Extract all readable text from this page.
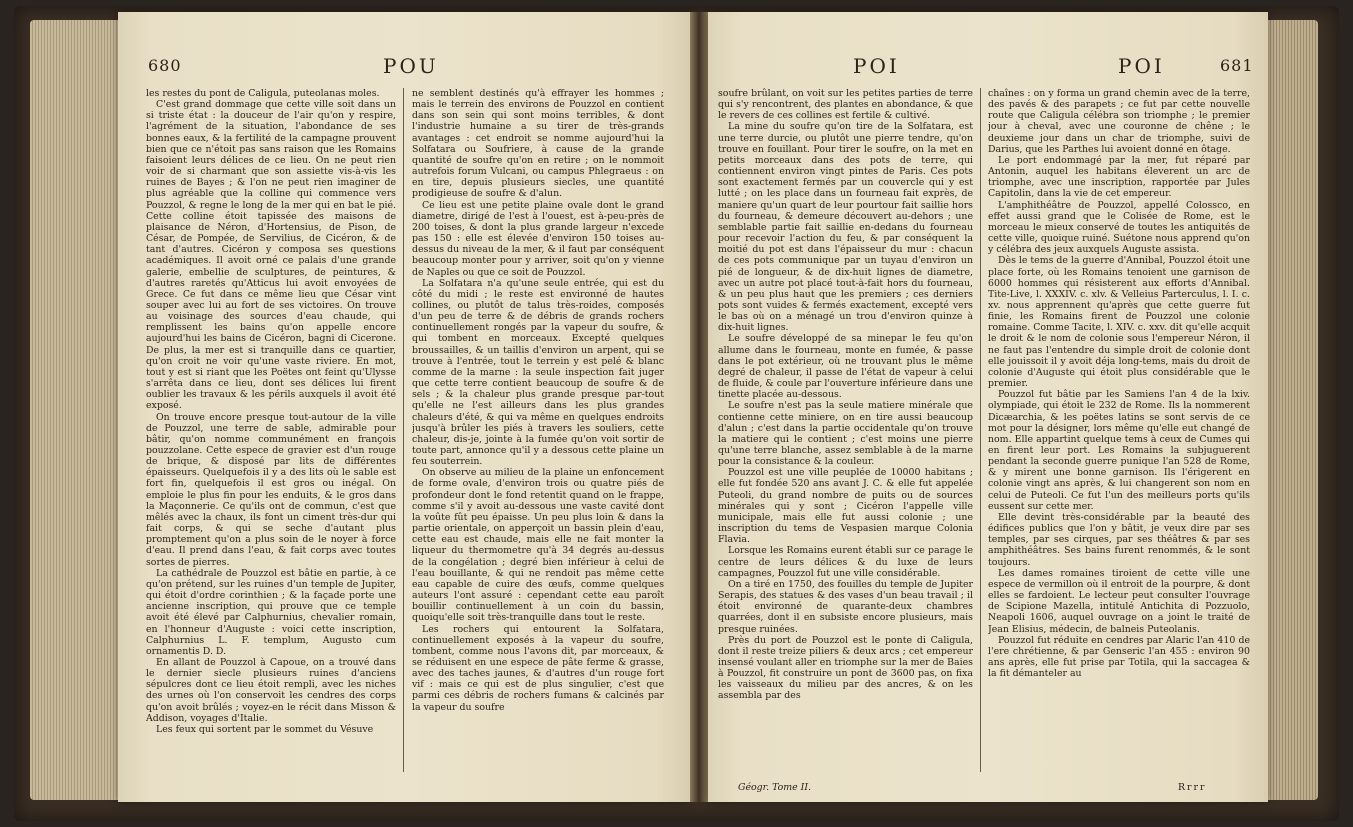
680	POU

les restes du pont de Caligula, puteolanas moles.

C'est grand dommage que cette ville soit dans un si triste état : la douceur de l'air qu'on y respire, l'agrément de la situation, l'abondance de ses bonnes eaux, & la fertilité de la campagne prouvent bien que ce n'étoit pas sans raison que les Romains faisoient leurs délices de ce lieu. On ne peut rien voir de si charmant que son assiette vis-à-vis les ruines de Bayes ; & l'on ne peut rien imaginer de plus agréable que la colline qui commence vers Pouzzol, & regne le long de la mer qui en bat le pié. Cette colline étoit tapissée des maisons de plaisance de Néron, d'Hortensius, de Pison, de César, de Pompée, de Servilius, de Cicéron, & de tant d'autres. Cicéron y composa ses questions académiques. Il avoit orné ce palais d'une grande galerie, embellie de sculptures, de peintures, & d'autres raretés qu'Atticus lui avoit envoyées de Grece. Ce fut dans ce même lieu que César vint souper avec lui au fort de ses victoires. On trouve au voisinage des sources d'eau chaude, qui remplissent les bains qu'on appelle encore aujourd'hui les bains de Cicéron, bagni di Cicerone. De plus, la mer est si tranquille dans ce quartier, qu'on croit ne voir qu'une vaste riviere. En mot, tout y est si riant que les Poëtes ont feint qu'Ulysse s'arrêta dans ce lieu, dont ses délices lui firent oublier les travaux & les périls auxquels il avoit été exposé.

On trouve encore presque tout-autour de la ville de Pouzzol, une terre de sable, admirable pour bâtir, qu'on nomme communément en françois pouzzolane. Cette espece de gravier est d'un rouge de brique, & disposé par lits de différentes épaisseurs. Quelquefois il y a des lits où le sable est fort fin, quelquefois il est gros ou inégal. On emploie le plus fin pour les enduits, & le gros dans la Maçonnerie. Ce qu'ils ont de commun, c'est que mêlés avec la chaux, ils font un ciment très-dur qui fait corps, & qui se seche d'autant plus promptement qu'on a plus soin de le noyer à force d'eau. Il prend dans l'eau, & fait corps avec toutes sortes de pierres.

La cathédrale de Pouzzol est bâtie en partie, à ce qu'on prétend, sur les ruines d'un temple de Jupiter, qui étoit d'ordre corinthien ; & la façade porte une ancienne inscription, qui prouve que ce temple avoit été élevé par Calphurnius, chevalier romain, en l'honneur d'Auguste : voici cette inscription, Calphurnius L. F. templum, Augusto cum ornamentis D. D.

En allant de Pouzzol à Capoue, on a trouvé dans le dernier siecle plusieurs ruines d'anciens sépulcres dont ce lieu étoit rempli, avec les niches des urnes où l'on conservoit les cendres des corps qu'on avoit brûlés ; voyez-en le récit dans Misson & Addison, voyages d'Italie.

Les feux qui sortent par le sommet du Vésuve

ne semblent destinés qu'à effrayer les hommes ; mais le terrein des environs de Pouzzol en contient dans son sein qui sont moins terribles, & dont l'industrie humaine a su tirer de très-grands avantages : cet endroit se nomme aujourd'hui la Solfatara ou Soufriere, à cause de la grande quantité de soufre qu'on en retire ; on le nommoit autrefois forum Vulcani, ou campus Phlegraeus : on en tire, depuis plusieurs siecles, une quantité prodigieuse de soufre & d'alun.

Ce lieu est une petite plaine ovale dont le grand diametre, dirigé de l'est à l'ouest, est à-peu-près de 200 toises, & dont la plus grande largeur n'excede pas 150 : elle est élevée d'environ 150 toises au-dessus du niveau de la mer, & il faut par conséquent beaucoup monter pour y arriver, soit qu'on y vienne de Naples ou que ce soit de Pouzzol.

La Solfatara n'a qu'une seule entrée, qui est du côté du midi ; le reste est environné de hautes collines, ou plutôt de talus très-roides, composés d'un peu de terre & de débris de grands rochers continuellement rongés par la vapeur du soufre, & qui tombent en morceaux. Excepté quelques broussailles, & un taillis d'environ un arpent, qui se trouve à l'entrée, tout le terrein y est pelé & blanc comme de la marne : la seule inspection fait juger que cette terre contient beaucoup de soufre & de sels ; & la chaleur plus grande presque par-tout qu'elle ne l'est ailleurs dans les plus grandes chaleurs d'été, & qui va même en quelques endroits jusqu'à brûler les piés à travers les souliers, cette chaleur, dis-je, jointe à la fumée qu'on voit sortir de toute part, annonce qu'il y a dessous cette plaine un feu souterrein.

On observe au milieu de la plaine un enfoncement de forme ovale, d'environ trois ou quatre piés de profondeur dont le fond retentit quand on le frappe, comme s'il y avoit au-dessous une vaste cavité dont la voûte fût peu épaisse. Un peu plus loin & dans la partie orientale, on apperçoit un bassin plein d'eau, cette eau est chaude, mais elle ne fait monter la liqueur du thermometre qu'à 34 degrés au-dessus de la congélation ; degré bien inférieur à celui de l'eau bouillante, & qui ne rendoit pas même cette eau capable de cuire des œufs, comme quelques auteurs l'ont assuré : cependant cette eau paroît bouillir continuellement à un coin du bassin, quoiqu'elle soit très-tranquille dans tout le reste.

Les rochers qui entourent la Solfatara, continuellement exposés à la vapeur du soufre, tombent, comme nous l'avons dit, par morceaux, & se réduisent en une espece de pâte ferme & grasse, avec des taches jaunes, & d'autres d'un rouge fort vif : mais ce qui est de plus singulier, c'est que parmi ces débris de rochers fumans & calcinés par la vapeur du soufre

POI	POI	681

soufre brûlant, on voit sur les petites parties de terre qui s'y rencontrent, des plantes en abondance, & que le revers de ces collines est fertile & cultivé.

La mine du soufre qu'on tire de la Solfatara, est une terre durcie, ou plutôt une pierre tendre, qu'on trouve en fouillant. Pour tirer le soufre, on la met en petits morceaux dans des pots de terre, qui contiennent environ vingt pintes de Paris. Ces pots sont exactement fermés par un couvercle qui y est lutté ; on les place dans un fourneau fait exprès, de maniere qu'un quart de leur pourtour fait saillie hors du fourneau, & demeure découvert au-dehors ; une semblable partie fait saillie en-dedans du fourneau pour recevoir l'action du feu, & par conséquent la moitié du pot est dans l'épaisseur du mur : chacun de ces pots communique par un tuyau d'environ un pié de longueur, & de dix-huit lignes de diametre, avec un autre pot placé tout-à-fait hors du fourneau, & un peu plus haut que les premiers ; ces derniers pots sont vuides & fermés exactement, excepté vers le bas où on a ménagé un trou d'environ quinze à dix-huit lignes.

Le soufre développé de sa minepar le feu qu'on allume dans le fourneau, monte en fumée, & passe dans le pot extérieur, où ne trouvant plus le même degré de chaleur, il passe de l'état de vapeur à celui de fluide, & coule par l'ouverture inférieure dans une tinette placée au-dessous.

Le soufre n'est pas la seule matiere minérale que contienne cette miniere, on en tire aussi beaucoup d'alun ; c'est dans la partie occidentale qu'on trouve la matiere qui le contient ; c'est moins une pierre qu'une terre blanche, assez semblable à de la marne pour la consistance & la couleur.

Pouzzol est une ville peuplée de 10000 habitans ; elle fut fondée 520 ans avant J. C. & elle fut appelée Puteoli, du grand nombre de puits ou de sources minérales qui y sont ; Cicéron l'appelle ville municipale, mais elle fut aussi colonie ; une inscription du tems de Vespasien marque Colonia Flavia.

Lorsque les Romains eurent établi sur ce parage le centre de leurs délices & du luxe de leurs campagnes, Pouzzol fut une ville considérable.

On a tiré en 1750, des fouilles du temple de Jupiter Serapis, des statues & des vases d'un beau travail ; il étoit environné de quarante-deux chambres quarrées, dont il en subsiste encore plusieurs, mais presque ruinées.

Près du port de Pouzzol est le ponte di Caligula, dont il reste treize piliers & deux arcs ; cet empereur insensé voulant aller en triomphe sur la mer de Baies à Pouzzol, fit construire un pont de 3600 pas, on fixa les vaisseaux du milieu par des ancres, & on les assembla par des

chaînes : on y forma un grand chemin avec de la terre, des pavés & des parapets ; ce fut par cette nouvelle route que Caligula célébra son triomphe ; le premier jour à cheval, avec une couronne de chêne ; le deuxieme jour dans un char de triomphe, suivi de Darius, que les Parthes lui avoient donné en ôtage.

Le port endommagé par la mer, fut réparé par Antonin, auquel les habitans éleverent un arc de triomphe, avec une inscription, rapportée par Jules Capitolin, dans la vie de cet empereur.

L'amphithéâtre de Pouzzol, appellé Colossco, en effet aussi grand que le Colisée de Rome, est le morceau le mieux conservé de toutes les antiquités de cette ville, quoique ruiné. Suétone nous apprend qu'on y célébra des jeux auxquels Auguste assista.

Dès le tems de la guerre d'Annibal, Pouzzol étoit une place forte, où les Romains tenoient une garnison de 6000 hommes qui résisterent aux efforts d'Annibal. Tite-Live, l. XXXIV. c. xlv. & Velleius Parterculus, l. I. c. xv. nous apprennent qu'après que cette guerre fut finie, les Romains firent de Pouzzol une colonie romaine. Comme Tacite, l. XIV. c. xxv. dit qu'elle acquit le droit & le nom de colonie sous l'empereur Néron, il ne faut pas l'entendre du simple droit de colonie dont elle jouissoit il y avoit déja long-tems, mais du droit de colonie d'Auguste qui étoit plus considérable que le premier.

Pouzzol fut bâtie par les Samiens l'an 4 de la lxiv. olympiade, qui étoit le 232 de Rome. Ils la nommerent Dicæarchia, & les poëtes latins se sont servis de ce mot pour la désigner, lors même qu'elle eut changé de nom. Elle appartint quelque tems à ceux de Cumes qui en firent leur port. Les Romains la subjuguerent pendant la seconde guerre punique l'an 528 de Rome, & y mirent une bonne garnison. Ils l'érigerent en colonie vingt ans après, & lui changerent son nom en celui de Puteoli. Ce fut l'un des meilleurs ports qu'ils eussent sur cette mer.

Elle devint très-considérable par la beauté des édifices publics que l'on y bâtit, je veux dire par ses temples, par ses cirques, par ses théâtres & par ses amphithéâtres. Ses bains furent renommés, & le sont toujours.

Les dames romaines tiroient de cette ville une espece de vermillon où il entroit de la pourpre, & dont elles se fardoient. Le lecteur peut consulter l'ouvrage de Scipione Mazella, intitulé Antichita di Pozzuolo, Neapoli 1606, auquel ouvrage on a joint le traité de Jean Elisius, médecin, de balneis Puteolanis.

Pouzzol fut réduite en cendres par Alaric l'an 410 de l'ere chrétienne, & par Genseric l'an 455 : environ 90 ans après, elle fut prise par Totila, qui la saccagea & la fit démanteler au

Géogr. Tome II.	Rrrr
